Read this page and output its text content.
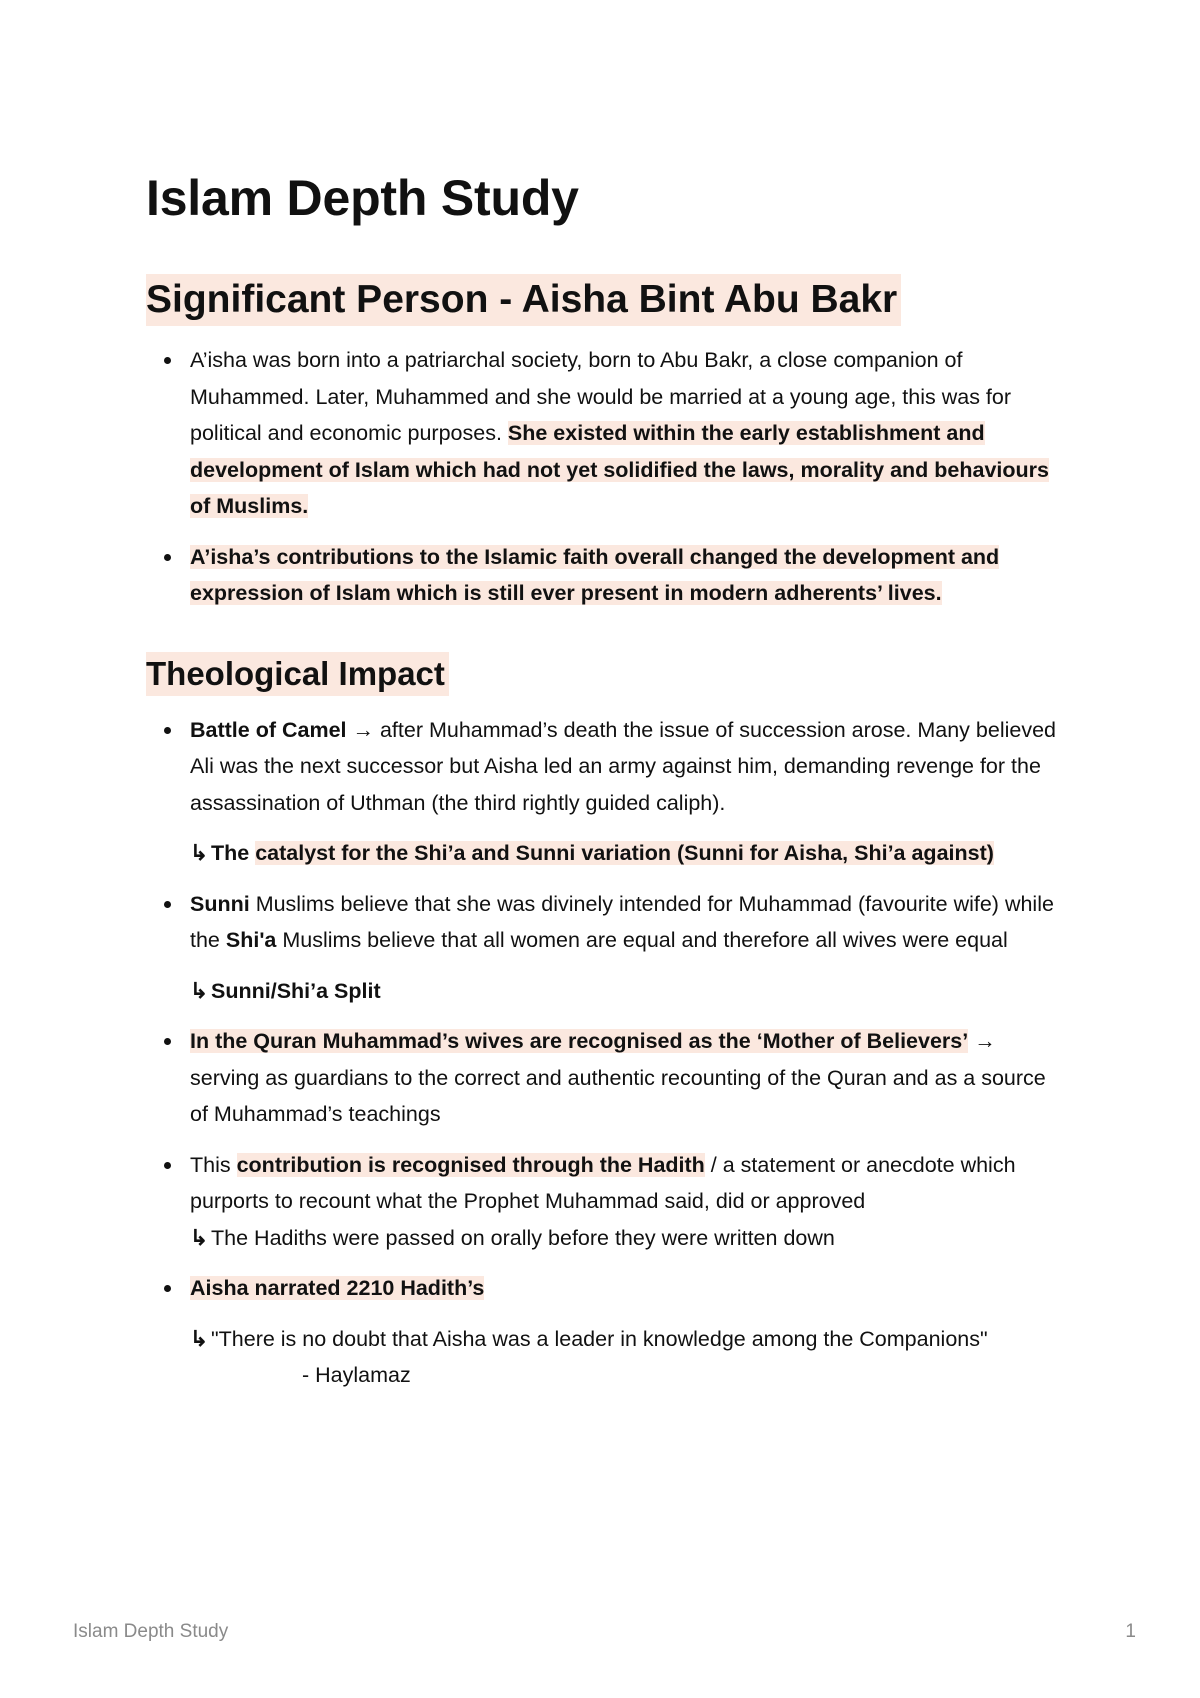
Islam Depth Study
Significant Person - Aisha Bint Abu Bakr

A’isha was born into a patriarchal society, born to Abu Bakr, a close companion of Muhammed. Later, Muhammed and she would be married at a young age, this was for political and economic purposes. She existed within the early establishment and development of Islam which had not yet solidified the laws, morality and behaviours of Muslims.

A’isha’s contributions to the Islamic faith overall changed the development and expression of Islam which is still ever present in modern adherents’ lives.

Theological Impact

Battle of Camel → after Muhammad’s death the issue of succession arose. Many believed Ali was the next successor but Aisha led an army against him, demanding revenge for the assassination of Uthman (the third rightly guided caliph).

↳ The catalyst for the Shi’a and Sunni variation (Sunni for Aisha, Shi’a against)

Sunni Muslims believe that she was divinely intended for Muhammad (favourite wife) while the Shi'a Muslims believe that all women are equal and therefore all wives were equal

↳ Sunni/Shi’a Split

In the Quran Muhammad’s wives are recognised as the ‘Mother of Believers’ → serving as guardians to the correct and authentic recounting of the Quran and as a source of Muhammad’s teachings

This contribution is recognised through the Hadith / a statement or anecdote which purports to recount what the Prophet Muhammad said, did or approved

↳ The Hadiths were passed on orally before they were written down

Aisha narrated 2210 Hadith’s

↳ "There is no doubt that Aisha was a leader in knowledge among the Companions"- Haylamaz

Islam Depth Study	1
